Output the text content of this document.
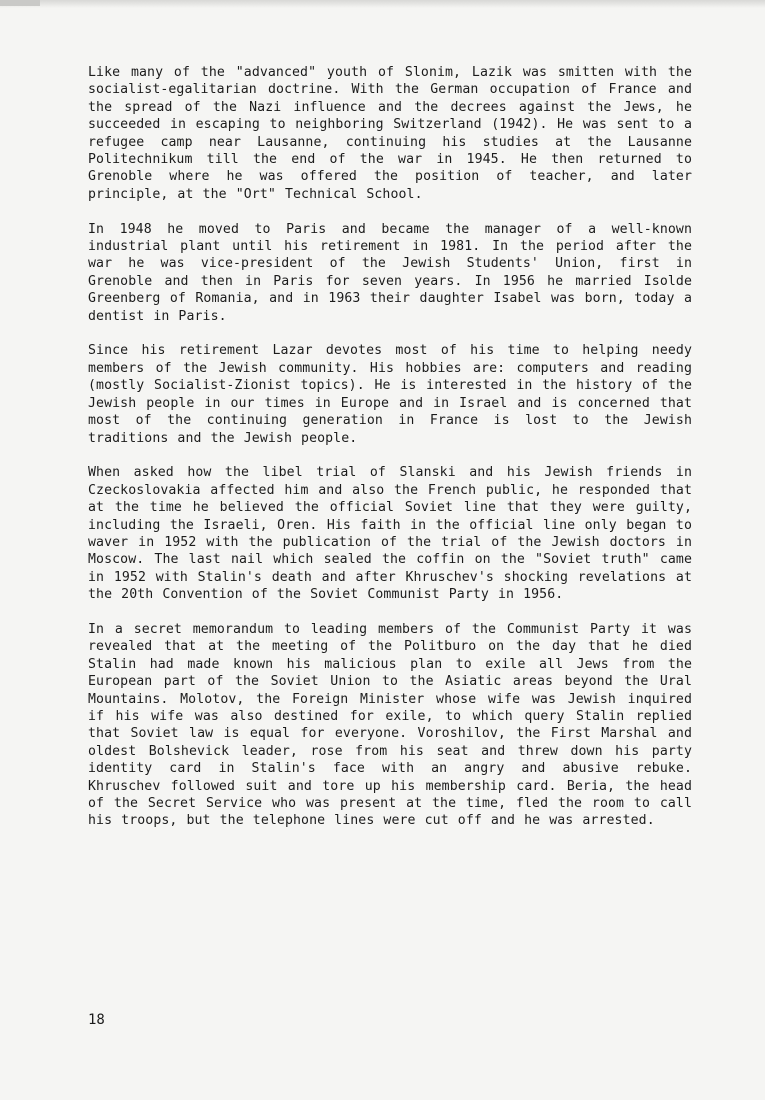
Like many of the "advanced" youth of Slonim, Lazik was smitten with the socialist-egalitarian doctrine. With the German occupation of France and the spread of the Nazi influence and the decrees against the Jews, he succeeded in escaping to neighboring Switzerland (1942). He was sent to a refugee camp near Lausanne, continuing his studies at the Lausanne Politechnikum till the end of the war in 1945. He then returned to Grenoble where he was offered the position of teacher, and later principle, at the "Ort" Technical School.

In 1948 he moved to Paris and became the manager of a well-known industrial plant until his retirement in 1981. In the period after the war he was vice-president of the Jewish Students' Union, first in Grenoble and then in Paris for seven years. In 1956 he married Isolde Greenberg of Romania, and in 1963 their daughter Isabel was born, today a dentist in Paris.

Since his retirement Lazar devotes most of his time to helping needy members of the Jewish community. His hobbies are: computers and reading (mostly Socialist-Zionist topics). He is interested in the history of the Jewish people in our times in Europe and in Israel and is concerned that most of the continuing generation in France is lost to the Jewish traditions and the Jewish people.

When asked how the libel trial of Slanski and his Jewish friends in Czeckoslovakia affected him and also the French public, he responded that at the time he believed the official Soviet line that they were guilty, including the Israeli, Oren. His faith in the official line only began to waver in 1952 with the publication of the trial of the Jewish doctors in Moscow. The last nail which sealed the coffin on the "Soviet truth" came in 1952 with Stalin's death and after Khruschev's shocking revelations at the 20th Convention of the Soviet Communist Party in 1956.

In a secret memorandum to leading members of the Communist Party it was revealed that at the meeting of the Politburo on the day that he died Stalin had made known his malicious plan to exile all Jews from the European part of the Soviet Union to the Asiatic areas beyond the Ural Mountains. Molotov, the Foreign Minister whose wife was Jewish inquired if his wife was also destined for exile, to which query Stalin replied that Soviet law is equal for everyone. Voroshilov, the First Marshal and oldest Bolshevick leader, rose from his seat and threw down his party identity card in Stalin's face with an angry and abusive rebuke. Khruschev followed suit and tore up his membership card. Beria, the head of the Secret Service who was present at the time, fled the room to call his troops, but the telephone lines were cut off and he was arrested.

18
